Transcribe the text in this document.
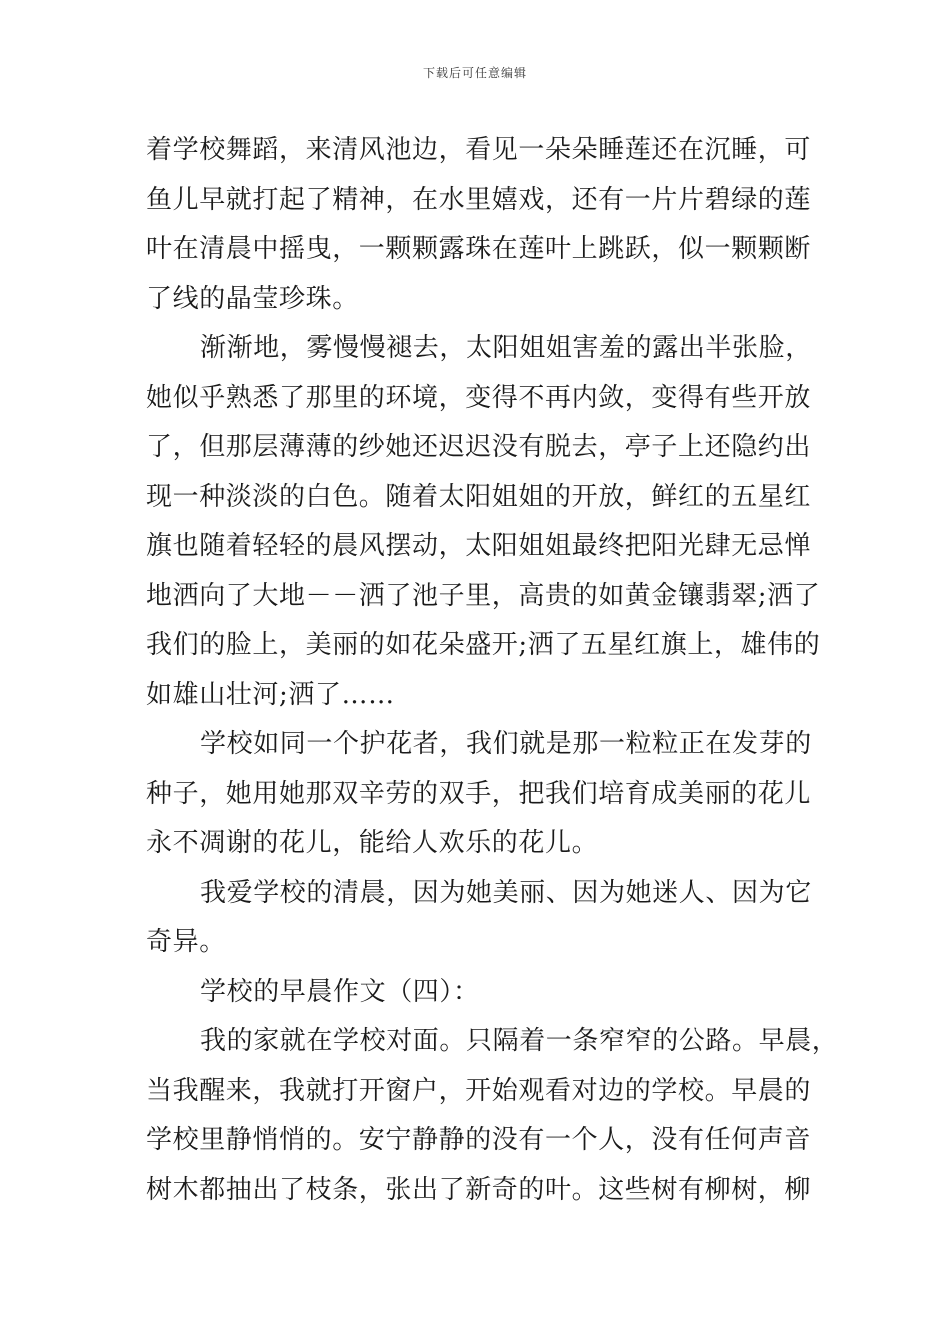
下载后可任意编辑
着学校舞蹈，来清风池边，看见一朵朵睡莲还在沉睡，可
鱼儿早就打起了精神，在水里嬉戏，还有一片片碧绿的莲
叶在清晨中摇曳，一颗颗露珠在莲叶上跳跃，似一颗颗断
了线的晶莹珍珠。
渐渐地，雾慢慢褪去，太阳姐姐害羞的露出半张脸，
她似乎熟悉了那里的环境，变得不再内敛，变得有些开放
了，但那层薄薄的纱她还迟迟没有脱去，亭子上还隐约出
现一种淡淡的白色。随着太阳姐姐的开放，鲜红的五星红
旗也随着轻轻的晨风摆动，太阳姐姐最终把阳光肆无忌惮
地洒向了大地－－洒了池子里，高贵的如黄金镶翡翠;洒了
我们的脸上，美丽的如花朵盛开;洒了五星红旗上，雄伟的
如雄山壮河;洒了……
学校如同一个护花者，我们就是那一粒粒正在发芽的
种子，她用她那双辛劳的双手，把我们培育成美丽的花儿
永不凋谢的花儿，能给人欢乐的花儿。
我爱学校的清晨，因为她美丽、因为她迷人、因为它
奇异。
学校的早晨作文（四）：
我的家就在学校对面。只隔着一条窄窄的公路。早晨，
当我醒来，我就打开窗户，开始观看对边的学校。早晨的
学校里静悄悄的。安宁静静的没有一个人，没有任何声音
树木都抽出了枝条，张出了新奇的叶。这些树有柳树，柳
